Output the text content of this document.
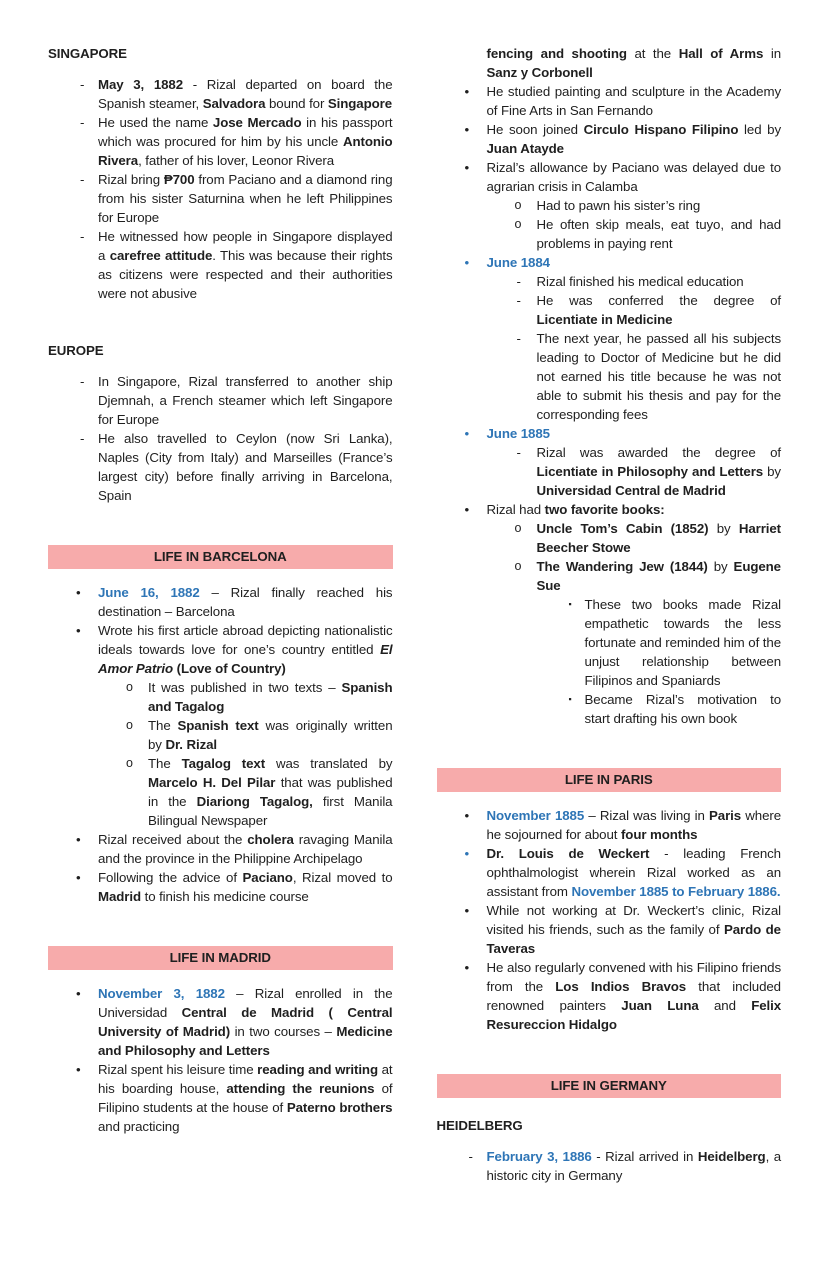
SINGAPORE
- May 3, 1882 - Rizal departed on board the Spanish steamer, Salvadora bound for Singapore
- He used the name Jose Mercado in his passport which was procured for him by his uncle Antonio Rivera, father of his lover, Leonor Rivera
- Rizal bring ₱700 from Paciano and a diamond ring from his sister Saturnina when he left Philippines for Europe
- He witnessed how people in Singapore displayed a carefree attitude. This was because their rights as citizens were respected and their authorities were not abusive
EUROPE
- In Singapore, Rizal transferred to another ship Djemnah, a French steamer which left Singapore for Europe
- He also travelled to Ceylon (now Sri Lanka), Naples (City from Italy) and Marseilles (France’s largest city) before finally arriving in Barcelona, Spain
LIFE IN BARCELONA
• June 16, 1882 – Rizal finally reached his destination – Barcelona
• Wrote his first article abroad depicting nationalistic ideals towards love for one’s country entitled El Amor Patrio (Love of Country)
o It was published in two texts – Spanish and Tagalog
o The Spanish text was originally written by Dr. Rizal
o The Tagalog text was translated by Marcelo H. Del Pilar that was published in the Diariong Tagalog, first Manila Bilingual Newspaper
• Rizal received about the cholera ravaging Manila and the province in the Philippine Archipelago
• Following the advice of Paciano, Rizal moved to Madrid to finish his medicine course
LIFE IN MADRID
• November 3, 1882 – Rizal enrolled in the Universidad Central de Madrid ( Central University of Madrid) in two courses – Medicine and Philosophy and Letters
• Rizal spent his leisure time reading and writing at his boarding house, attending the reunions of Filipino students at the house of Paterno brothers and practicing
fencing and shooting at the Hall of Arms in Sanz y Corbonell
• He studied painting and sculpture in the Academy of Fine Arts in San Fernando
• He soon joined Circulo Hispano Filipino led by Juan Atayde
• Rizal’s allowance by Paciano was delayed due to agrarian crisis in Calamba
o Had to pawn his sister’s ring
o He often skip meals, eat tuyo, and had problems in paying rent
• June 1884
- Rizal finished his medical education
- He was conferred the degree of Licentiate in Medicine
- The next year, he passed all his subjects leading to Doctor of Medicine but he did not earned his title because he was not able to submit his thesis and pay for the corresponding fees
• June 1885
- Rizal was awarded the degree of Licentiate in Philosophy and Letters by Universidad Central de Madrid
• Rizal had two favorite books:
o Uncle Tom’s Cabin (1852) by Harriet Beecher Stowe
o The Wandering Jew (1844) by Eugene Sue
▪ These two books made Rizal empathetic towards the less fortunate and reminded him of the unjust relationship between Filipinos and Spaniards
▪ Became Rizal’s motivation to start drafting his own book
LIFE IN PARIS
• November 1885 – Rizal was living in Paris where he sojourned for about four months
• Dr. Louis de Weckert - leading French ophthalmologist wherein Rizal worked as an assistant from November 1885 to February 1886.
• While not working at Dr. Weckert’s clinic, Rizal visited his friends, such as the family of Pardo de Taveras
• He also regularly convened with his Filipino friends from the Los Indios Bravos that included renowned painters Juan Luna and Felix Resureccion Hidalgo
LIFE IN GERMANY
HEIDELBERG
- February 3, 1886 - Rizal arrived in Heidelberg, a historic city in Germany
